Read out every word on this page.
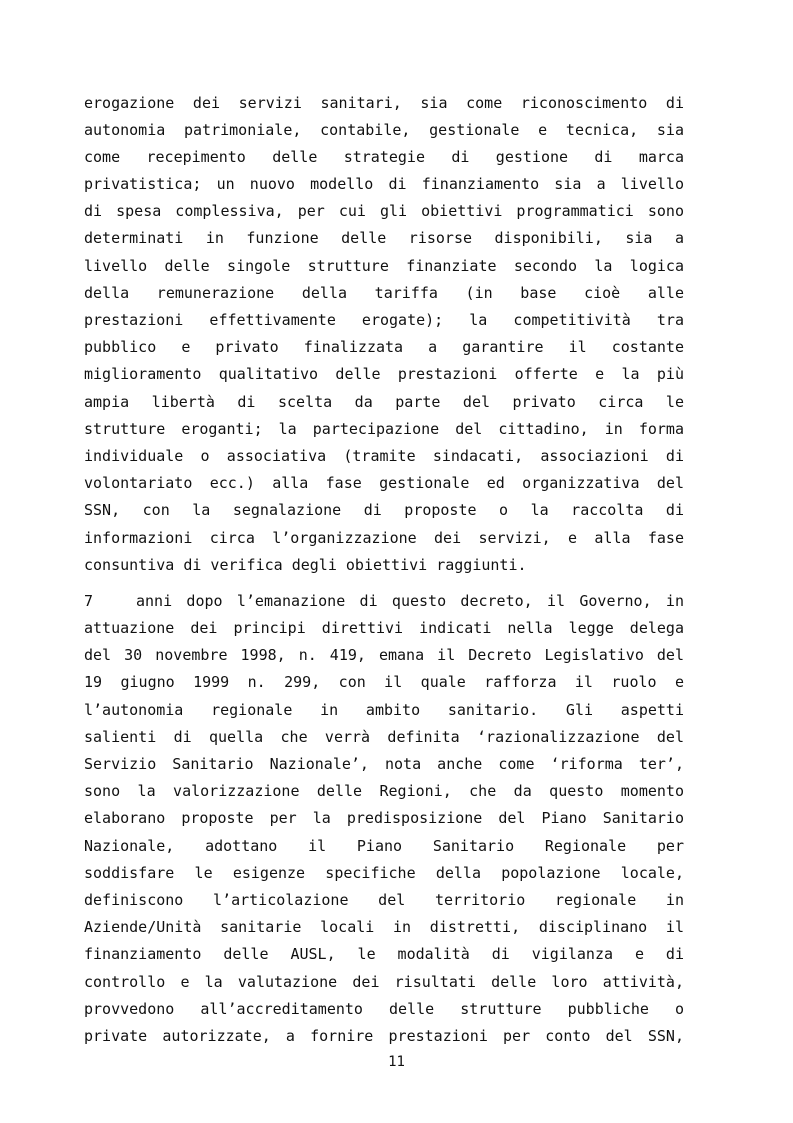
erogazione dei servizi sanitari, sia come riconoscimento di
autonomia patrimoniale, contabile, gestionale e tecnica, sia
come recepimento delle strategie di gestione di marca
privatistica; un nuovo modello di finanziamento sia a livello
di spesa complessiva, per cui gli obiettivi programmatici sono
determinati in funzione delle risorse disponibili, sia a
livello delle singole strutture finanziate secondo la logica
della remunerazione della tariffa (in base cioè alle
prestazioni effettivamente erogate); la competitività tra
pubblico e privato finalizzata a garantire il costante
miglioramento qualitativo delle prestazioni offerte e la più
ampia libertà di scelta da parte del privato circa le
strutture eroganti; la partecipazione del cittadino, in forma
individuale o associativa (tramite sindacati, associazioni di
volontariato ecc.) alla fase gestionale ed organizzativa del
SSN, con la segnalazione di proposte o la raccolta di
informazioni circa l’organizzazione dei servizi, e alla fase
consuntiva di verifica degli obiettivi raggiunti.
7   anni dopo l’emanazione di questo decreto, il Governo, in
attuazione dei principi direttivi indicati nella legge delega
del 30 novembre 1998, n. 419, emana il Decreto Legislativo del
19 giugno 1999 n. 299, con il quale rafforza il ruolo e
l’autonomia regionale in ambito sanitario. Gli aspetti
salienti di quella che verrà definita ‘razionalizzazione del
Servizio Sanitario Nazionale’, nota anche come ‘riforma ter’,
sono la valorizzazione delle Regioni, che da questo momento
elaborano proposte per la predisposizione del Piano Sanitario
Nazionale, adottano il Piano Sanitario Regionale per
soddisfare le esigenze specifiche della popolazione locale,
definiscono l’articolazione del territorio regionale in
Aziende/Unità sanitarie locali in distretti, disciplinano il
finanziamento delle AUSL, le modalità di vigilanza e di
controllo e la valutazione dei risultati delle loro attività,
provvedono all’accreditamento delle strutture pubbliche o
private autorizzate, a fornire prestazioni per conto del SSN,
11
